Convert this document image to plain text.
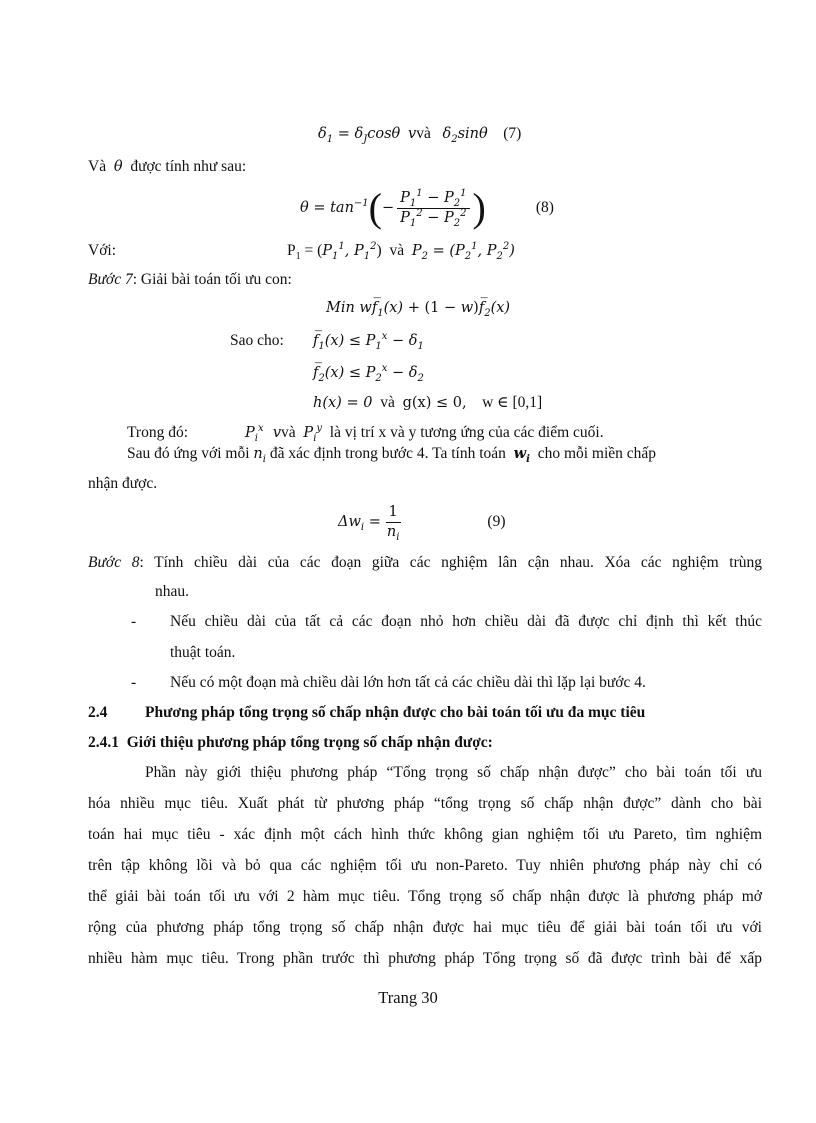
$\delta_1 = \delta_J\cos\theta$ vvà $\delta_2\sin\theta$ (7)
Và θ được tính như sau:
$\theta = \tan^{-1}$ ( − $\frac{P_1^1 - P_2^1}{P_1^2 - P_2^2}$ )	(8)
Với:	$P_1 = (P_1^1$, $P_1^2$)  và $P_2 = (P_2^1$, $P_2^2$)
Bước 7: Giải bài toán tối ưu con:
Min $wf̅_1(x) + (1$ − $w)f̅_2(x)$
Sao cho: $f̅_1(x) \le P_1^x - \delta_1$
$f̅_2(x) \le P_2^x - \delta_2$
h(x) = 0 và g(x) ≤ 0, w ∈ [0,1]
Trong đó:	$P_i^x$  vvà $P_i^y$ là vị trí x và y tương ứng của các điểm cuối.
Sau đó ứng với mỗi $n_i$ đã xác định trong bước 4. Ta tính toán $w_i$ cho mỗi miền chấp
nhận được.
$\Delta w_i = \frac{1}{n_i}$	(9)
Bước 8: Tính chiều dài của các đoạn giữa các nghiệm lân cận nhau. Xóa các nghiệm trùng
nhau.
- Nếu chiều dài của tất cả các đoạn nhỏ hơn chiều dài đã được chỉ định thì kết thúc
thuật toán.
- Nếu có một đoạn mà chiều dài lớn hơn tất cả các chiều dài thì lặp lại bước 4.
2.4 Phương pháp tổng trọng số chấp nhận được cho bài toán tối ưu đa mục tiêu
2.4.1 Giới thiệu phương pháp tổng trọng số chấp nhận được:
Phần này giới thiệu phương pháp “Tổng trọng số chấp nhận được” cho bài toán tối ưu
hóa nhiều mục tiêu. Xuất phát từ phương pháp “tổng trọng số chấp nhận được” dành cho bài
toán hai mục tiêu - xác định một cách hình thức không gian nghiệm tối ưu Pareto, tìm nghiệm
trên tập không lồi và bỏ qua các nghiệm tối ưu non-Pareto. Tuy nhiên phương pháp này chỉ có
thể giải bài toán tối ưu với 2 hàm mục tiêu. Tổng trọng số chấp nhận được là phương pháp mở
rộng của phương pháp tổng trọng số chấp nhận được hai mục tiêu để giải bài toán tối ưu với
nhiều hàm mục tiêu. Trong phần trước thì phương pháp Tổng trọng số đã được trình bài để xấp
Trang 30
